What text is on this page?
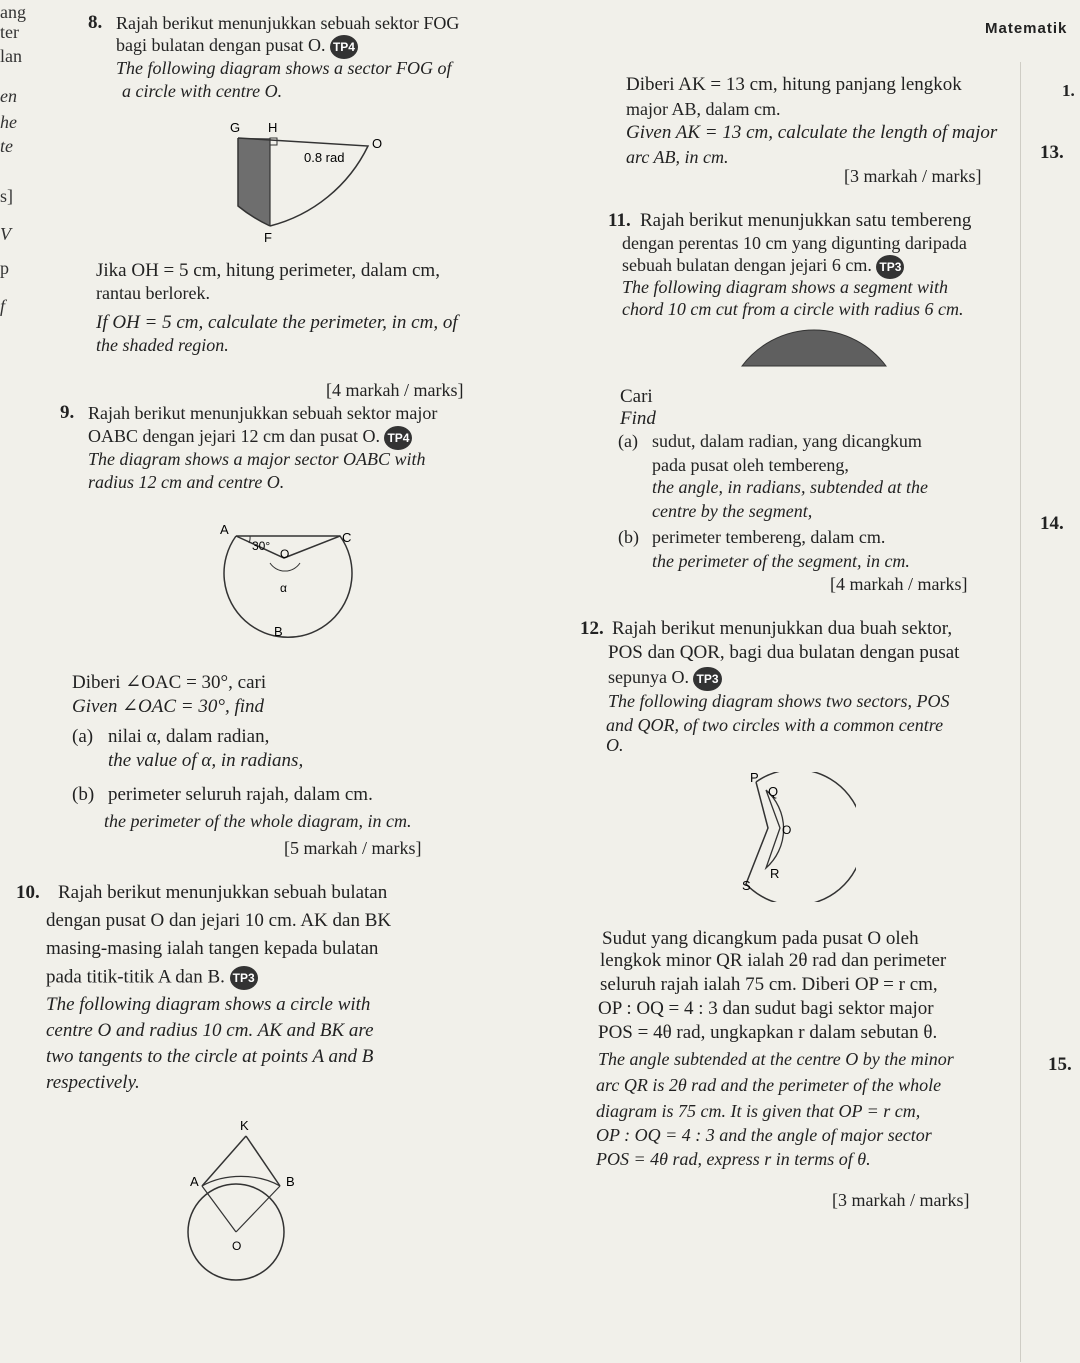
Matematik
1.
ang
ter
lan
en
he
te
s]
V
p
f
13.
14.
15.
8. Rajah berikut menunjukkan sebuah sektor FOG
bagi bulatan dengan pusat O. TP4
The following diagram shows a sector FOG of
a circle with centre O.
G H
O
0.8 rad
F
Jika OH = 5 cm, hitung perimeter, dalam cm,
rantau berlorek.
If OH = 5 cm, calculate the perimeter, in cm, of
the shaded region.
[4 markah / marks]
9. Rajah berikut menunjukkan sebuah sektor major
OABC dengan jejari 12 cm dan pusat O. TP4
The diagram shows a major sector OABC with
radius 12 cm and centre O.
A
C
30°
O
α
B
Diberi ∠OAC = 30°, cari
Given ∠OAC = 30°, find
(a) nilai α, dalam radian,
the value of α, in radians,
(b) perimeter seluruh rajah, dalam cm.
the perimeter of the whole diagram, in cm.
[5 markah / marks]
10. Rajah berikut menunjukkan sebuah bulatan
dengan pusat O dan jejari 10 cm. AK dan BK
masing-masing ialah tangen kepada bulatan
pada titik-titik A dan B. TP3
The following diagram shows a circle with
centre O and radius 10 cm. AK and BK are
two tangents to the circle at points A and B
respectively.
K
A	B
O
Diberi AK = 13 cm, hitung panjang lengkok
major AB, dalam cm.
Given AK = 13 cm, calculate the length of major
arc AB, in cm.
[3 markah / marks]
11. Rajah berikut menunjukkan satu tembereng
dengan perentas 10 cm yang digunting daripada
sebuah bulatan dengan jejari 6 cm. TP3
The following diagram shows a segment with
chord 10 cm cut from a circle with radius 6 cm.
Cari
Find
(a) sudut, dalam radian, yang dicangkum
pada pusat oleh tembereng,
the angle, in radians, subtended at the
centre by the segment,
(b) perimeter tembereng, dalam cm.
the perimeter of the segment, in cm.
[4 markah / marks]
12. Rajah berikut menunjukkan dua buah sektor,
POS dan QOR, bagi dua bulatan dengan pusat
sepunya O. TP3
The following diagram shows two sectors, POS
and QOR, of two circles with a common centre
O.
P
Q
O
R
S
Sudut yang dicangkum pada pusat O oleh
lengkok minor QR ialah 2θ rad dan perimeter
seluruh rajah ialah 75 cm. Diberi OP = r cm,
OP : OQ = 4 : 3 dan sudut bagi sektor major
POS = 4θ rad, ungkapkan r dalam sebutan θ.
The angle subtended at the centre O by the minor
arc QR is 2θ rad and the perimeter of the whole
diagram is 75 cm. It is given that OP = r cm,
OP : OQ = 4 : 3 and the angle of major sector
POS = 4θ rad, express r in terms of θ.
[3 markah / marks]
